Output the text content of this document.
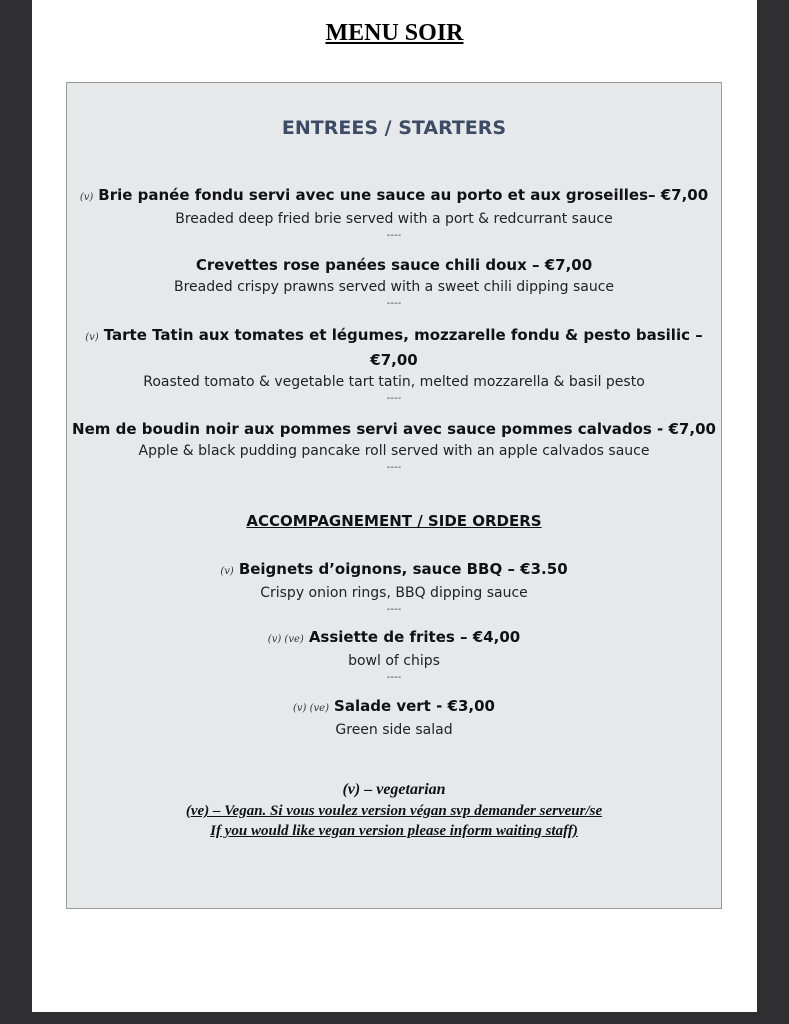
MENU SOIR
ENTREES / STARTERS
(v) Brie panée fondu servi avec une sauce au porto et aux groseilles– €7,00
Breaded deep fried brie served with a port & redcurrant sauce
----
Crevettes rose panées sauce chili doux – €7,00
Breaded crispy prawns served with a sweet chili dipping sauce
----
(v) Tarte Tatin aux tomates et légumes, mozzarelle fondu & pesto basilic –
€7,00
Roasted tomato & vegetable tart tatin, melted mozzarella & basil pesto
----
Nem de boudin noir aux pommes servi avec sauce pommes calvados - €7,00
Apple & black pudding pancake roll served with an apple calvados sauce
----
ACCOMPAGNEMENT / SIDE ORDERS
(v) Beignets d’oignons, sauce BBQ – €3.50
Crispy onion rings, BBQ dipping sauce
----
(v) (ve) Assiette de frites – €4,00
bowl of chips
----
(v) (ve) Salade vert - €3,00
Green side salad
(v) – vegetarian
(ve) – Vegan. Si vous voulez version végan svp demander serveur/se
If you would like vegan version please inform waiting staff)
